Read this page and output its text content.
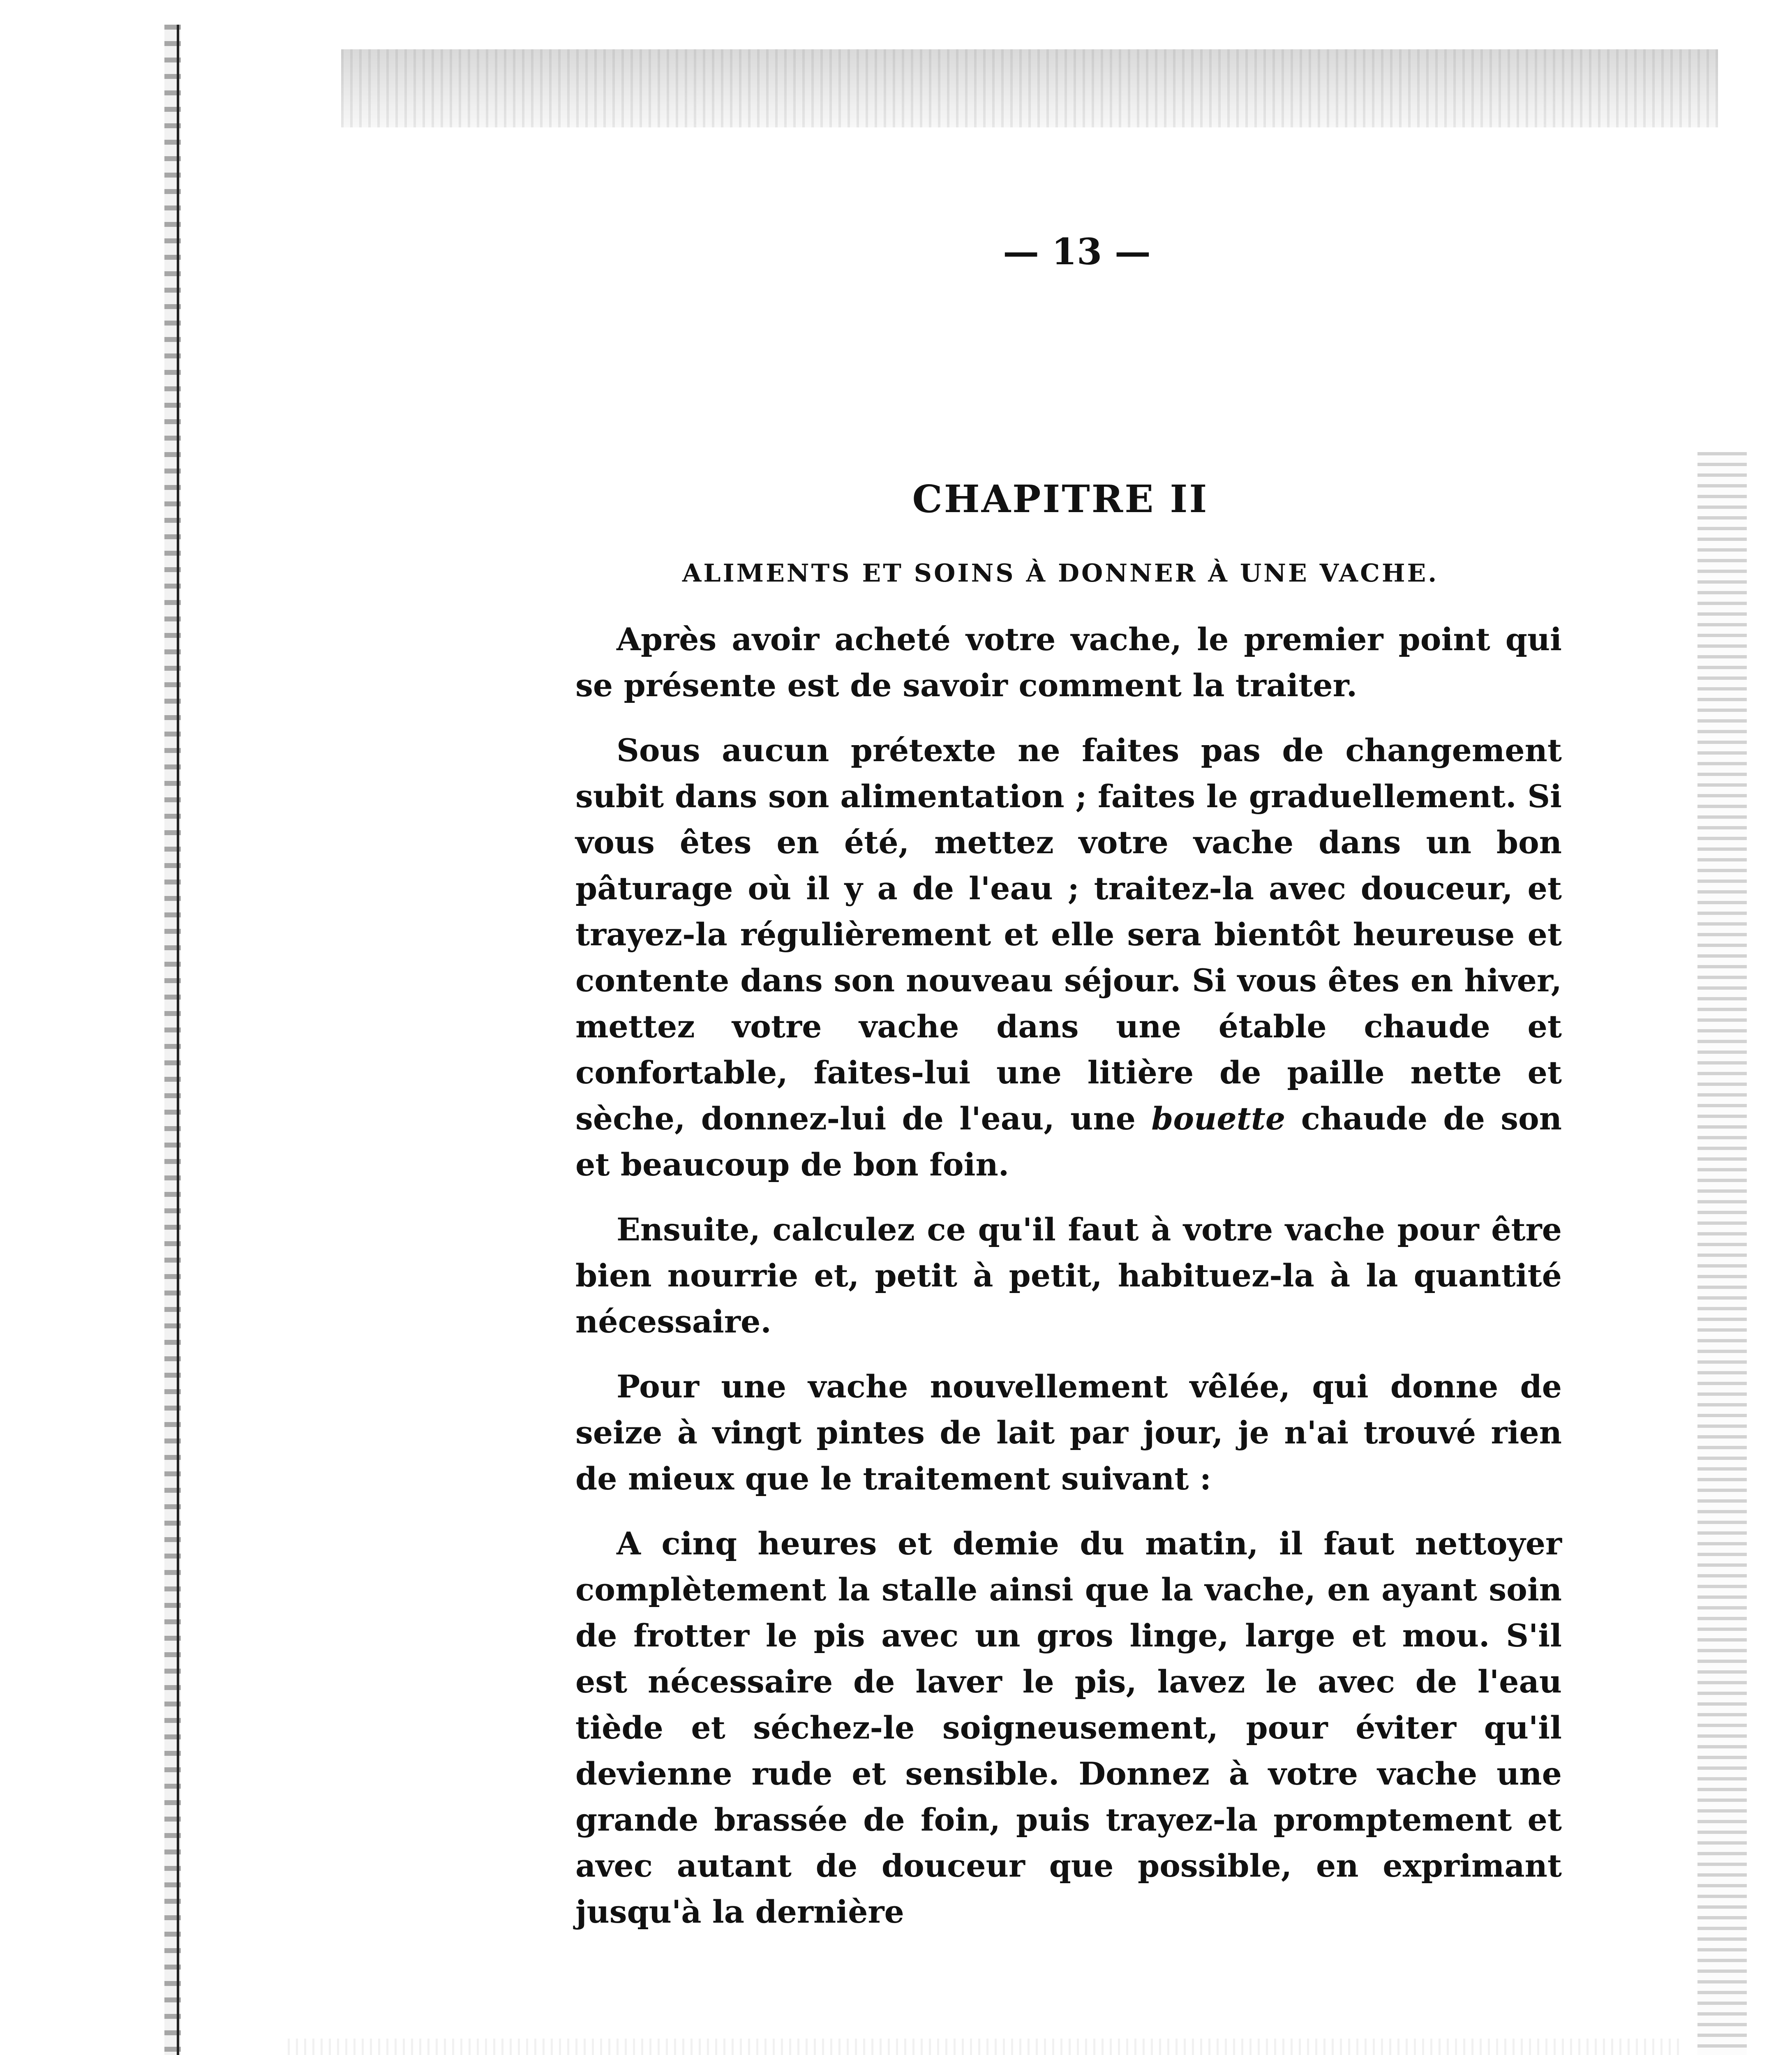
— 13 —
CHAPITRE II
ALIMENTS ET SOINS À DONNER À UNE VACHE.

Après avoir acheté votre vache, le premier point qui se présente est de savoir comment la traiter.

Sous aucun prétexte ne faites pas de changement subit dans son alimentation ; faites le graduellement. Si vous êtes en été, mettez votre vache dans un bon pâturage où il y a de l'eau ; traitez-la avec douceur, et trayez-la régulièrement et elle sera bientôt heureuse et contente dans son nouveau séjour. Si vous êtes en hiver, mettez votre vache dans une étable chaude et confortable, faites-lui une litière de paille nette et sèche, donnez-lui de l'eau, une bouette chaude de son et beaucoup de bon foin.

Ensuite, calculez ce qu'il faut à votre vache pour être bien nourrie et, petit à petit, habituez-la à la quantité nécessaire.

Pour une vache nouvellement vêlée, qui donne de seize à vingt pintes de lait par jour, je n'ai trouvé rien de mieux que le traitement suivant :

A cinq heures et demie du matin, il faut nettoyer complètement la stalle ainsi que la vache, en ayant soin de frotter le pis avec un gros linge, large et mou. S'il est nécessaire de laver le pis, lavez le avec de l'eau tiède et séchez-le soigneusement, pour éviter qu'il devienne rude et sensible. Donnez à votre vache une grande brassée de foin, puis trayez-la promptement et avec autant de douceur que possible, en exprimant jusqu'à la dernière
